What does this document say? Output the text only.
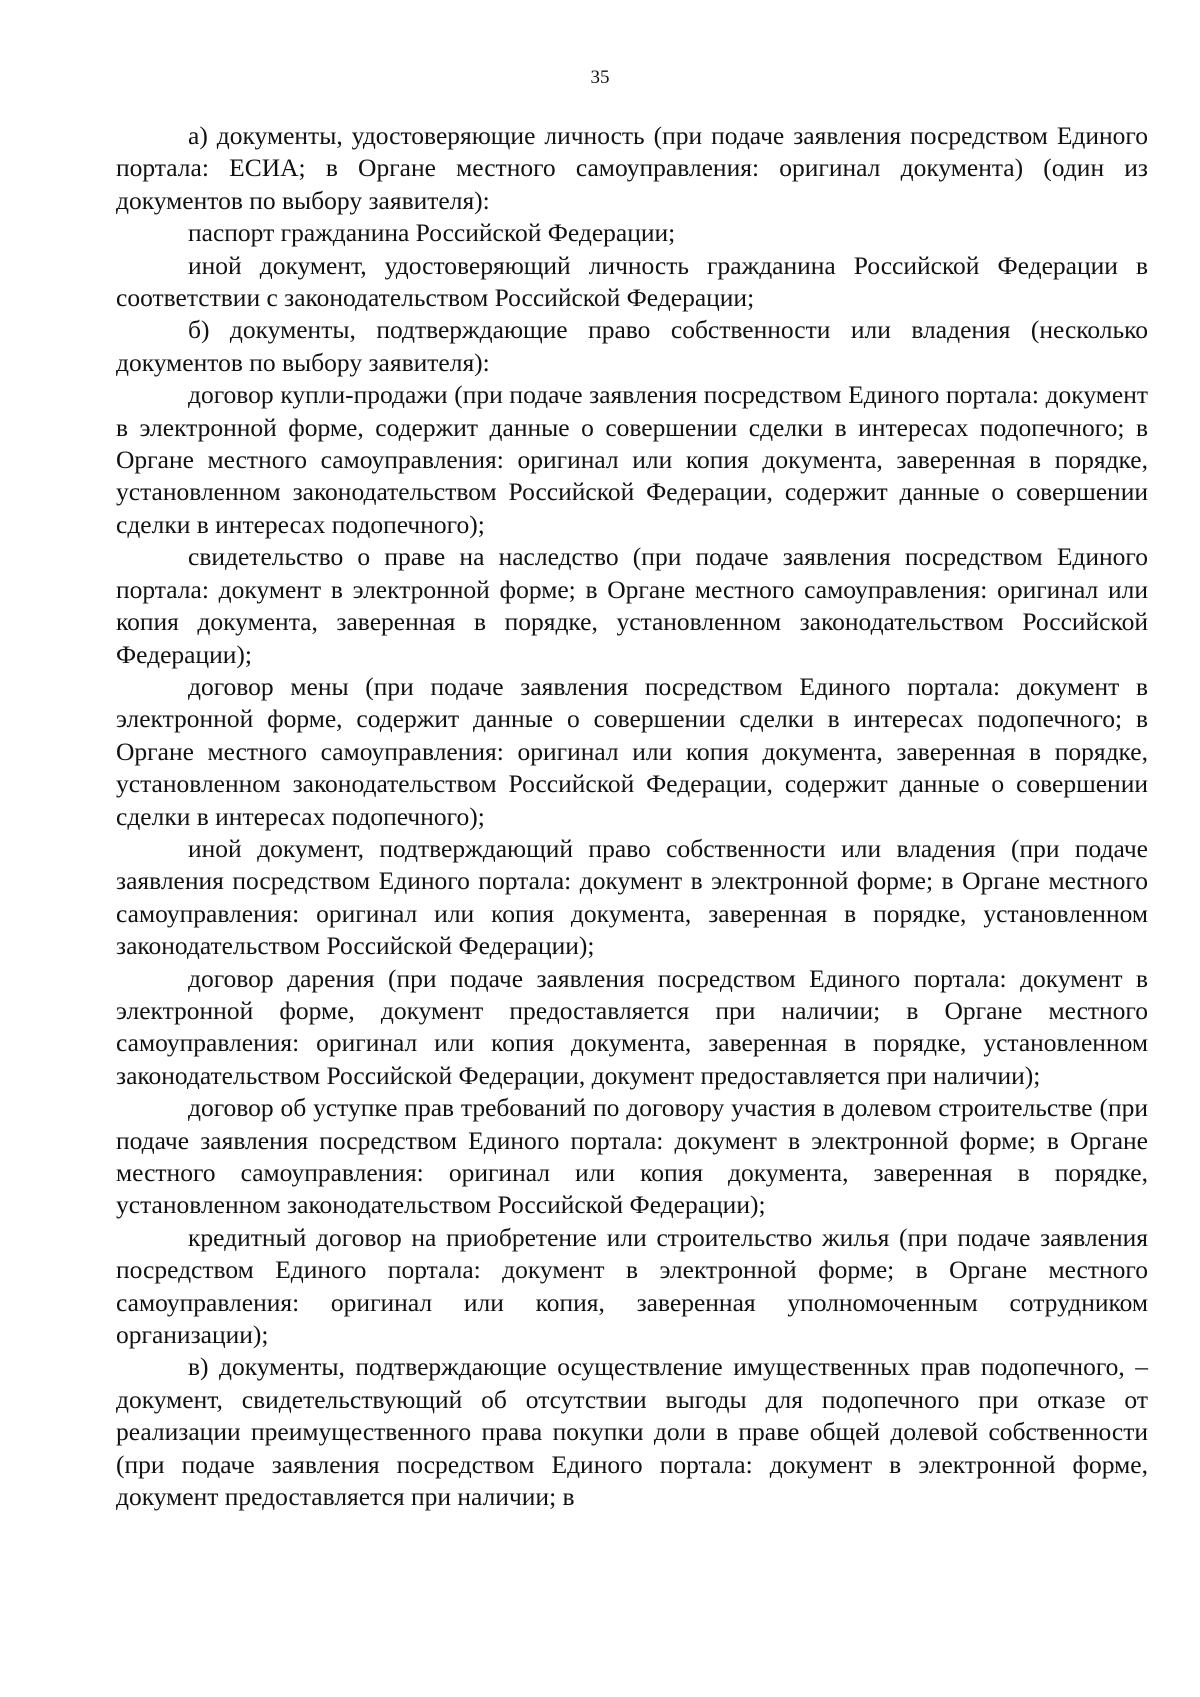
35

а) документы, удостоверяющие личность (при подаче заявления посредством Единого портала: ЕСИА; в Органе местного самоуправления: оригинал документа) (один из документов по выбору заявителя):

паспорт гражданина Российской Федерации;

иной документ, удостоверяющий личность гражданина Российской Федерации в соответствии с законодательством Российской Федерации;

б) документы, подтверждающие право собственности или владения (несколько документов по выбору заявителя):

договор купли-продажи (при подаче заявления посредством Единого портала: документ в электронной форме, содержит данные о совершении сделки в интересах подопечного; в Органе местного самоуправления: оригинал или копия документа, заверенная в порядке, установленном законодательством Российской Федерации, содержит данные о совершении сделки в интересах подопечного);

свидетельство о праве на наследство (при подаче заявления посредством Единого портала: документ в электронной форме; в Органе местного самоуправления: оригинал или копия документа, заверенная в порядке, установленном законодательством Российской Федерации);

договор мены (при подаче заявления посредством Единого портала: документ в электронной форме, содержит данные о совершении сделки в интересах подопечного; в Органе местного самоуправления: оригинал или копия документа, заверенная в порядке, установленном законодательством Российской Федерации, содержит данные о совершении сделки в интересах подопечного);

иной документ, подтверждающий право собственности или владения (при подаче заявления посредством Единого портала: документ в электронной форме; в Органе местного самоуправления: оригинал или копия документа, заверенная в порядке, установленном законодательством Российской Федерации);

договор дарения (при подаче заявления посредством Единого портала: документ в электронной форме, документ предоставляется при наличии; в Органе местного самоуправления: оригинал или копия документа, заверенная в порядке, установленном законодательством Российской Федерации, документ предоставляется при наличии);

договор об уступке прав требований по договору участия в долевом строительстве (при подаче заявления посредством Единого портала: документ в электронной форме; в Органе местного самоуправления: оригинал или копия документа, заверенная в порядке, установленном законодательством Российской Федерации);

кредитный договор на приобретение или строительство жилья (при подаче заявления посредством Единого портала: документ в электронной форме; в Органе местного самоуправления: оригинал или копия, заверенная уполномоченным сотрудником организации);

в) документы, подтверждающие осуществление имущественных прав подопечного, – документ, свидетельствующий об отсутствии выгоды для подопечного при отказе от реализации преимущественного права покупки доли в праве общей долевой собственности (при подаче заявления посредством Единого портала: документ в электронной форме, документ предоставляется при наличии; в
